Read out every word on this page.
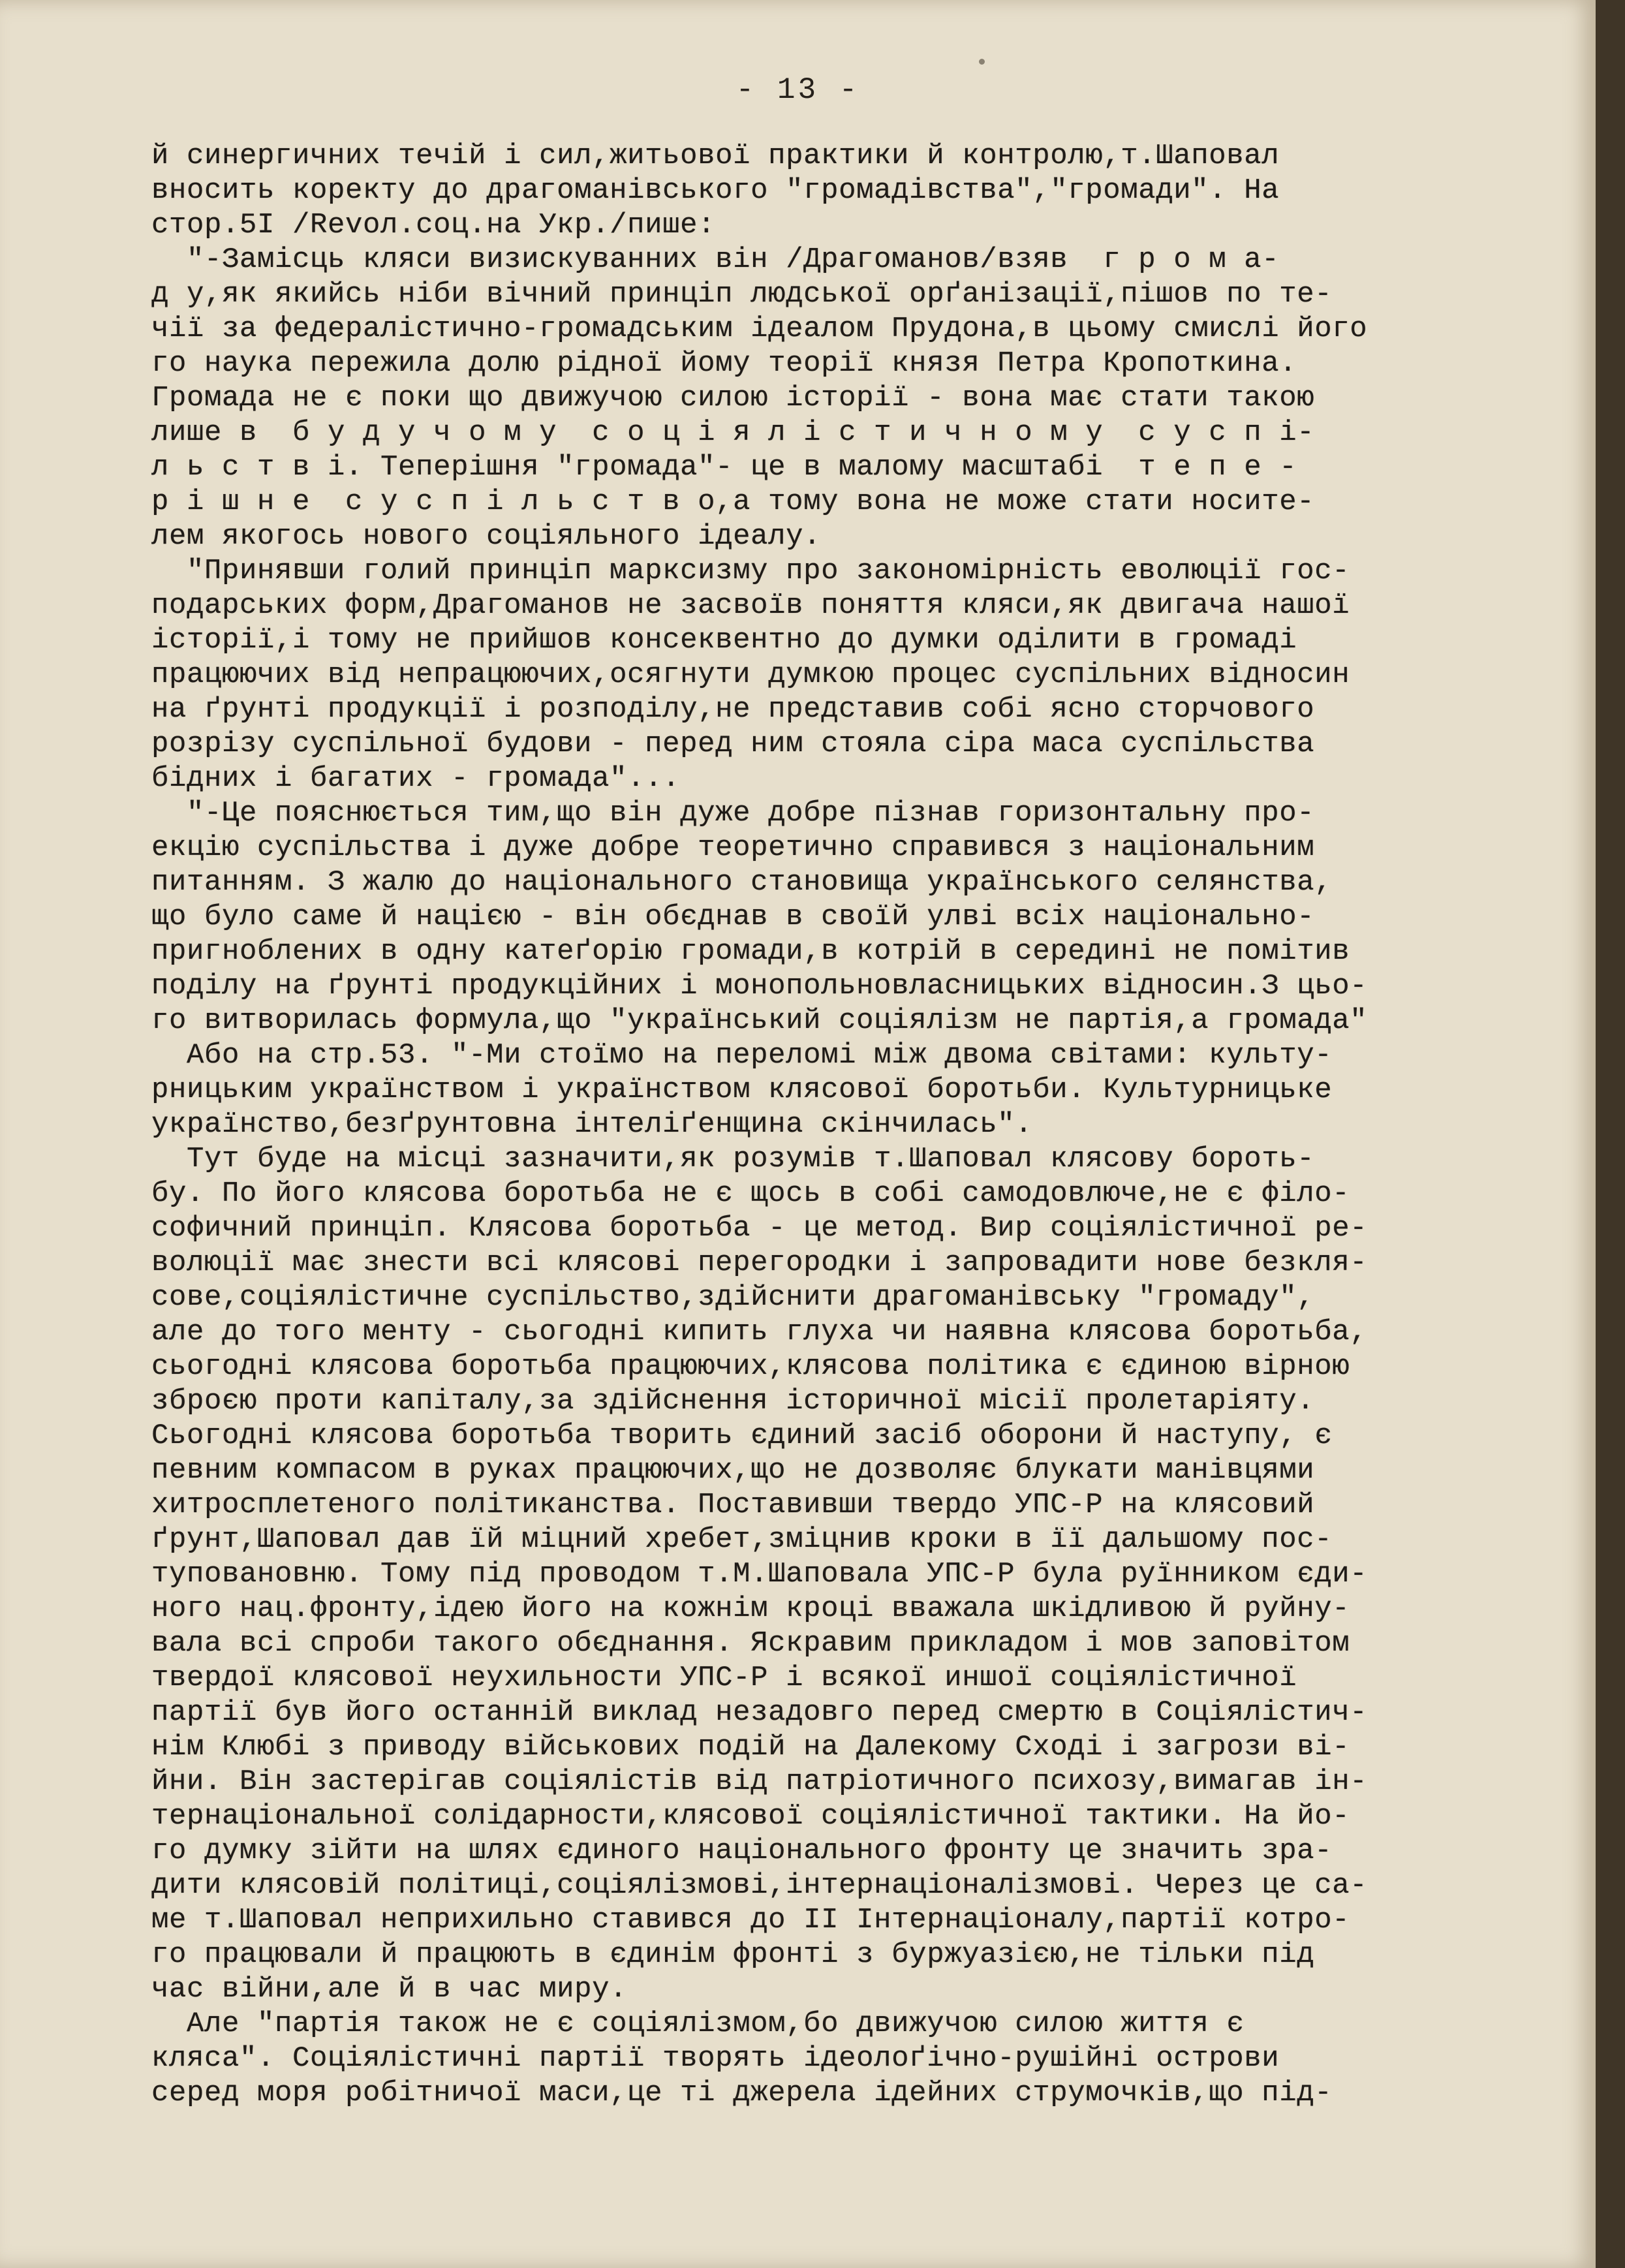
- 13 -
й синергичних течій і сил,житьової практики й контролю,т.Шаповал
вносить коректу до драгоманівського "громадівства","громади". На
стор.5І /Revол.соц.на Укр./пише:
"-Замісць кляси визискуванних він /Драгоманов/взяв  г р о м а-
д у,як якийсь ніби вічний принціп людської орґанізації,пішов по те-
чії за федералістично-громадським ідеалом Прудона,в цьому смислі його
го наука пережила долю рідної йому теорії князя Петра Кропоткина.
Громада не є поки що движучою силою історії - вона має стати такою
лише в  б у д у ч о м у  с о ц і я л і с т и ч н о м у  с у с п і-
л ь с т в і. Теперішня "громада"- це в малому масштабі  т е п е -
р і ш н е  с у с п і л ь с т в о,а тому вона не може стати носите-
лем якогось нового соціяльного ідеалу.
"Принявши голий принціп марксизму про закономірність еволюції гос-
подарських форм,Драгоманов не засвоїв поняття кляси,як двигача нашої
історії,і тому не прийшов консеквентно до думки оділити в громаді
працюючих від непрацюючих,осягнути думкою процес суспільних відносин
на ґрунті продукції і розподілу,не представив собі ясно сторчового
розрізу суспільної будови - перед ним стояла сіра маса суспільства
бідних і багатих - громада"...
"-Це пояснюється тим,що він дуже добре пізнав горизонтальну про-
екцію суспільства і дуже добре теоретично справився з національним
питанням. З жалю до національного становища українського селянства,
що було саме й нацією - він обєднав в своїй улві всіх національно-
пригноблених в одну катеґорію громади,в котрій в середині не помітив
поділу на ґрунті продукційних і монопольновласницьких відносин.З цьо-
го витворилась формула,що "український соціялізм не партія,а громада"
Або на стр.53. "-Ми стоїмо на переломі між двома світами: культу-
рницьким українством і українством клясової боротьби. Культурницьке
українство,безґрунтовна інтеліґенщина скінчилась".
Тут буде на місці зазначити,як розумів т.Шаповал клясову бороть-
бу. По його клясова боротьба не є щось в собі самодовлюче,не є філо-
софичний принціп. Клясова боротьба - це метод. Вир соціялістичної ре-
волюції має знести всі клясові перегородки і запровадити нове безкля-
сове,соціялістичне суспільство,здійснити драгоманівську "громаду",
але до того менту - сьогодні кипить глуха чи наявна клясова боротьба,
сьогодні клясова боротьба працюючих,клясова політика є єдиною вірною
зброєю проти капіталу,за здійснення історичної місії пролетаріяту.
Сьогодні клясова боротьба творить єдиний засіб оборони й наступу, є
певним компасом в руках працюючих,що не дозволяє блукати манівцями
хитросплетеного політиканства. Поставивши твердо УПС-Р на клясовий
ґрунт,Шаповал дав їй міцний хребет,зміцнив кроки в її дальшому пос-
туповановню. Тому під проводом т.М.Шаповала УПС-Р була руїнником єди-
ного нац.фронту,ідею його на кожнім кроці вважала шкідливою й руйну-
вала всі спроби такого обєднання. Яскравим прикладом і мов заповітом
твердої клясової неухильности УПС-Р і всякої иншої соціялістичної
партії був його останній виклад незадовго перед смертю в Соціялістич-
нім Клюбі з приводу військових подій на Далекому Сході і загрози ві-
йни. Він застерігав соціялістів від патріотичного психозу,вимагав ін-
тернаціональної солідарности,клясової соціялістичної тактики. На йо-
го думку зійти на шлях єдиного національного фронту це значить зра-
дити клясовій політиці,соціялізмові,інтернаціоналізмові. Через це са-
ме т.Шаповал неприхильно ставився до ІІ Інтернаціоналу,партії котро-
го працювали й працюють в єдинім фронті з буржуазією,не тільки під
час війни,але й в час миру.
Але "партія також не є соціялізмом,бо движучою силою життя є
кляса". Соціялістичні партії творять ідеолоґічно-рушійні острови
серед моря робітничої маси,це ті джерела ідейних струмочків,що під-
